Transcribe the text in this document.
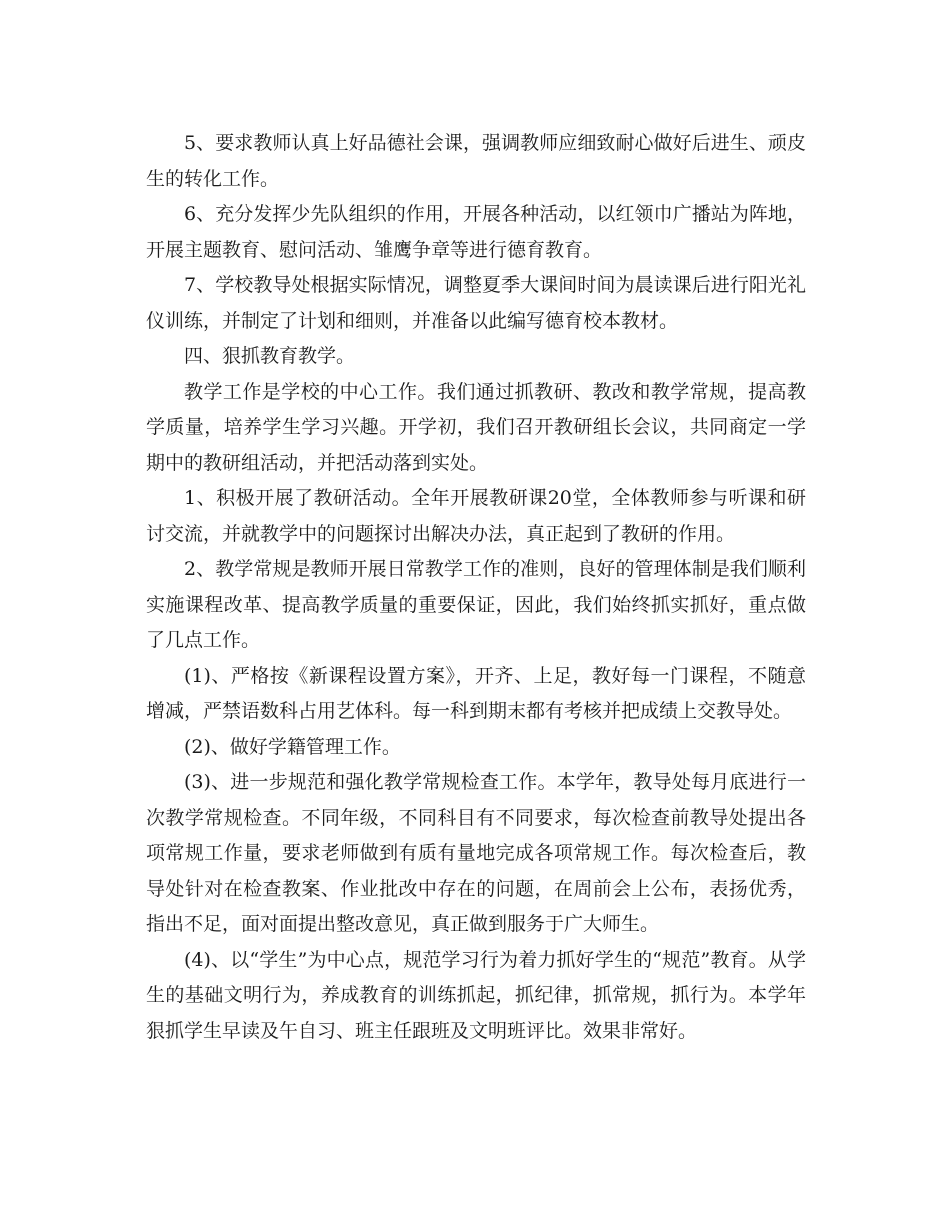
5、要求教师认真上好品德社会课，强调教师应细致耐心做好后进生、顽皮生的转化工作。

6、充分发挥少先队组织的作用，开展各种活动，以红领巾广播站为阵地，开展主题教育、慰问活动、雏鹰争章等进行德育教育。

7、学校教导处根据实际情况，调整夏季大课间时间为晨读课后进行阳光礼仪训练，并制定了计划和细则，并准备以此编写德育校本教材。

四、狠抓教育教学。

教学工作是学校的中心工作。我们通过抓教研、教改和教学常规，提高教学质量，培养学生学习兴趣。开学初，我们召开教研组长会议，共同商定一学期中的教研组活动，并把活动落到实处。

1、积极开展了教研活动。全年开展教研课20堂，全体教师参与听课和研讨交流，并就教学中的问题探讨出解决办法，真正起到了教研的作用。

2、教学常规是教师开展日常教学工作的准则，良好的管理体制是我们顺利实施课程改革、提高教学质量的重要保证，因此，我们始终抓实抓好，重点做了几点工作。

(1)、严格按《新课程设置方案》，开齐、上足，教好每一门课程，不随意增减，严禁语数科占用艺体科。每一科到期末都有考核并把成绩上交教导处。

(2)、做好学籍管理工作。

(3)、进一步规范和强化教学常规检查工作。本学年，教导处每月底进行一次教学常规检查。不同年级，不同科目有不同要求，每次检查前教导处提出各项常规工作量，要求老师做到有质有量地完成各项常规工作。每次检查后，教导处针对在检查教案、作业批改中存在的问题，在周前会上公布，表扬优秀，指出不足，面对面提出整改意见，真正做到服务于广大师生。

(4)、以“学生”为中心点，规范学习行为着力抓好学生的“规范”教育。从学生的基础文明行为，养成教育的训练抓起，抓纪律，抓常规，抓行为。本学年狠抓学生早读及午自习、班主任跟班及文明班评比。效果非常好。
